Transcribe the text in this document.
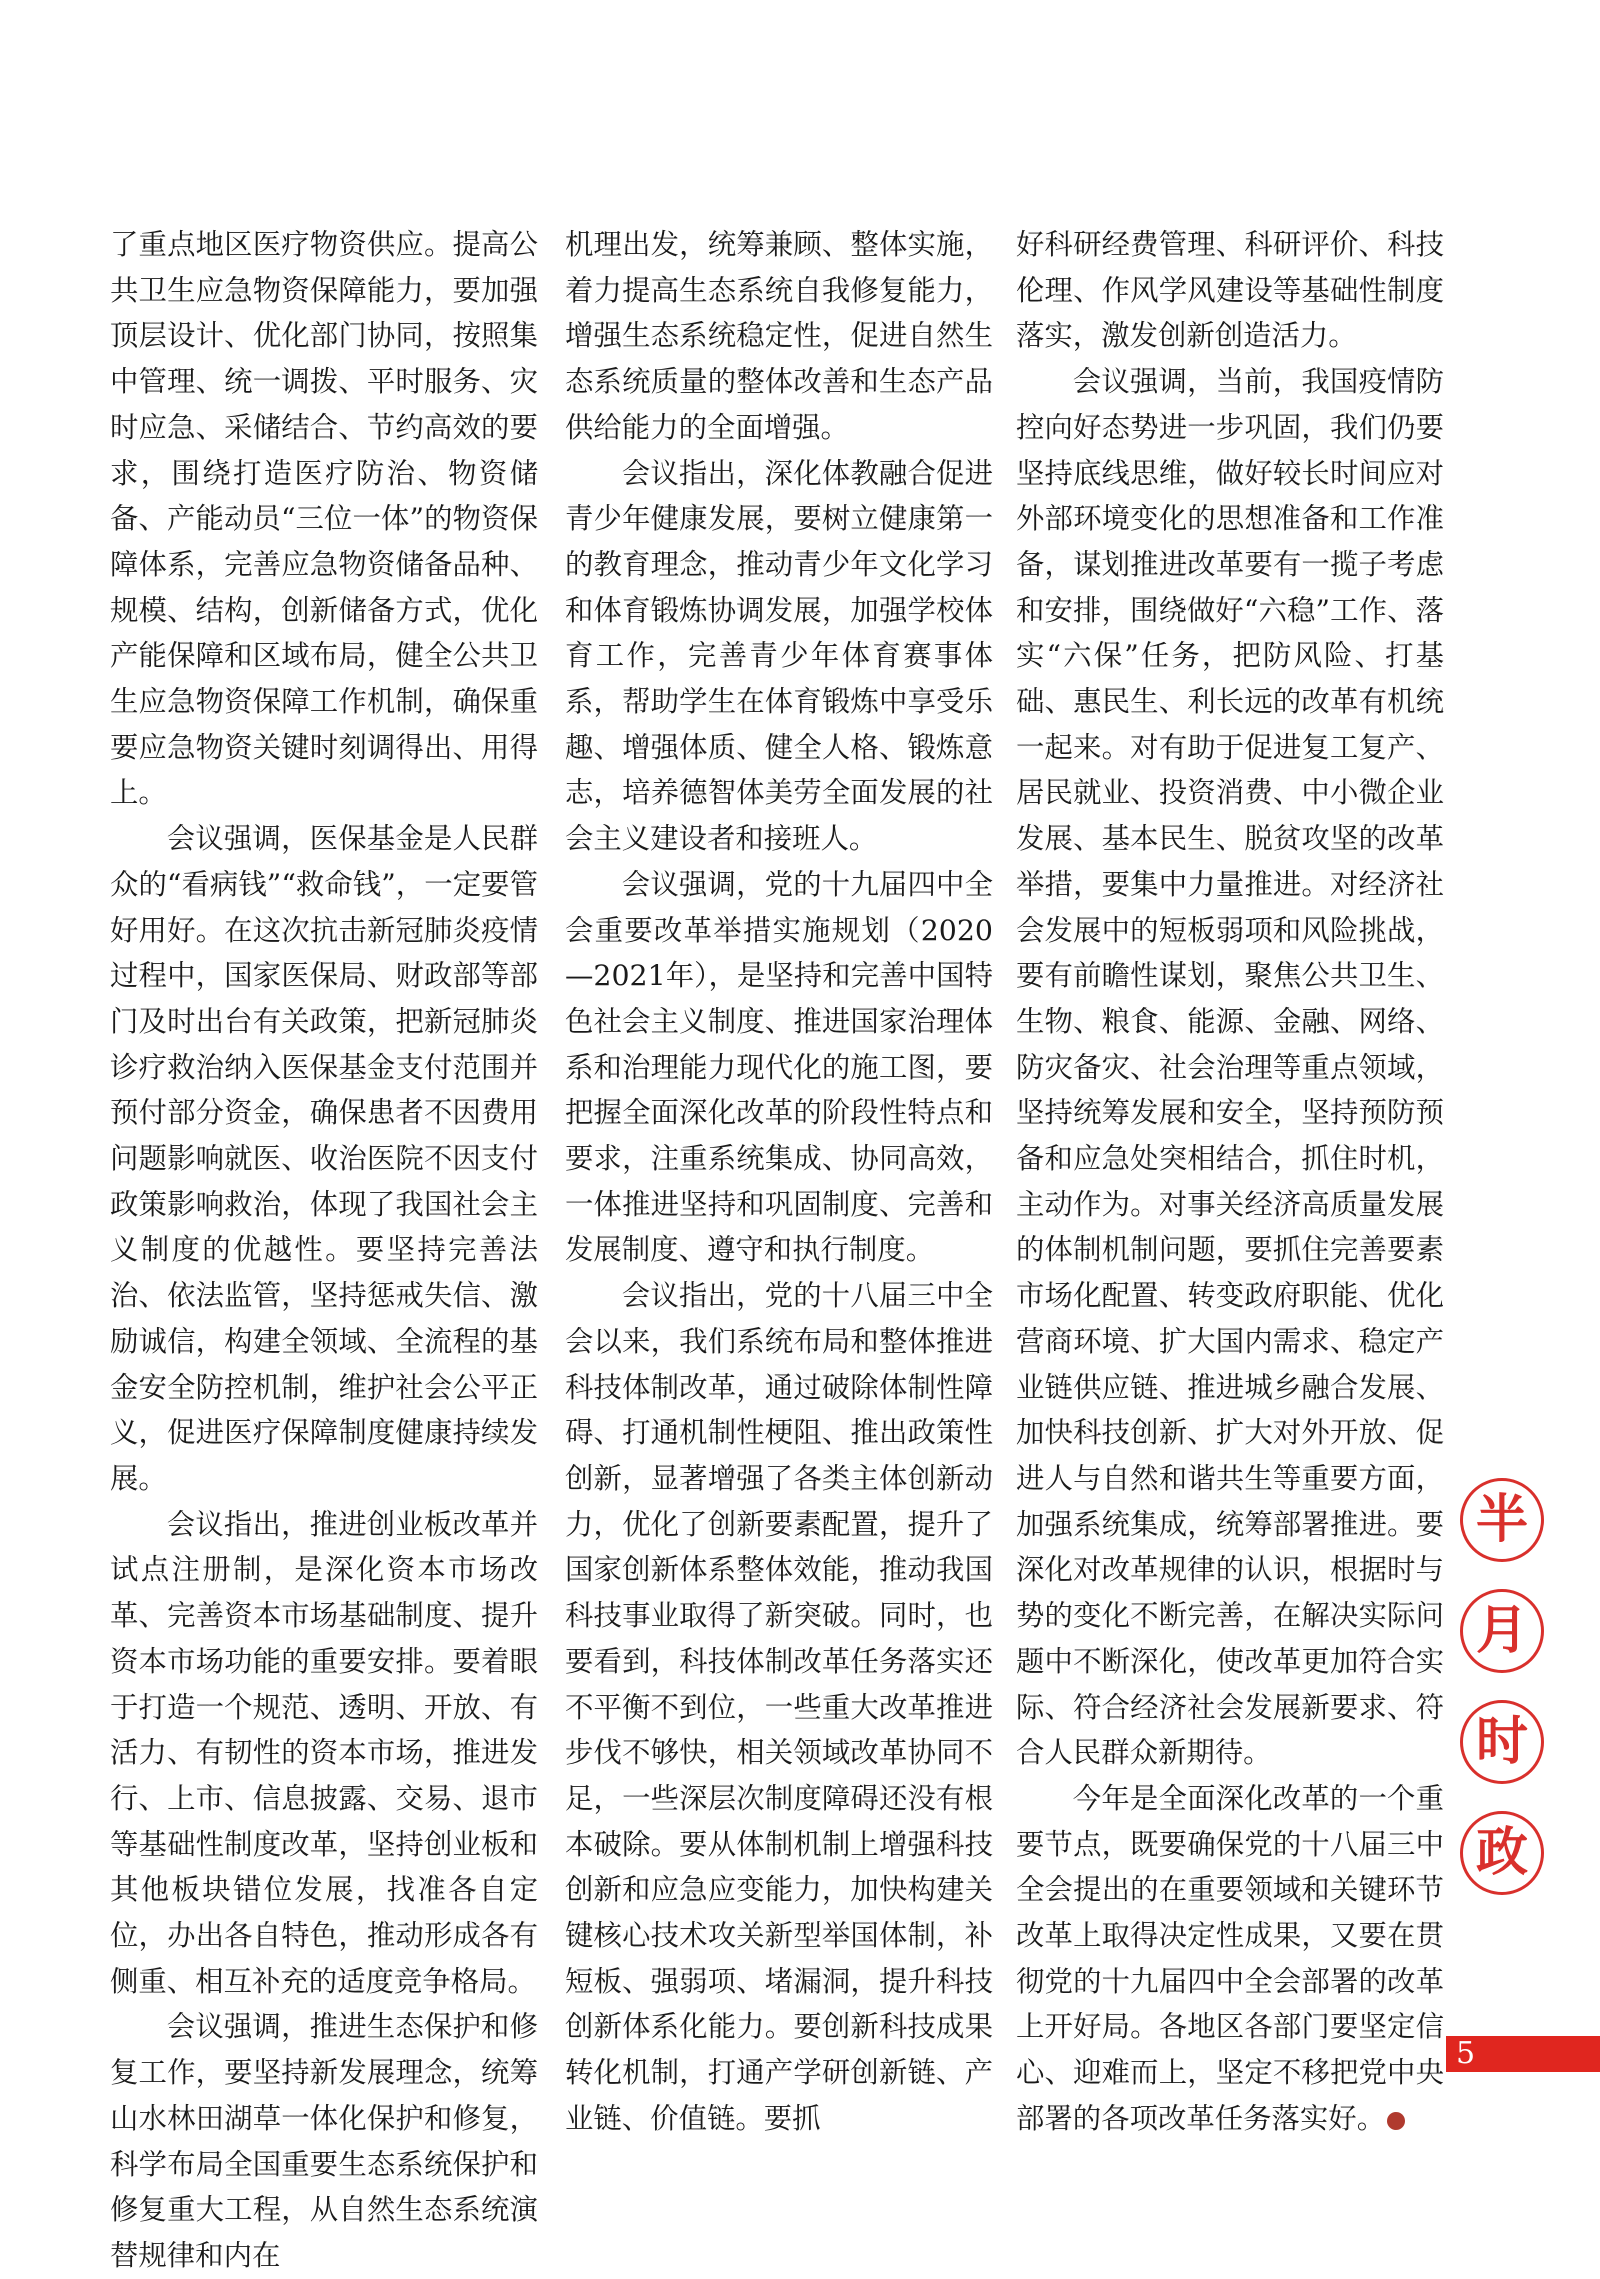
了重点地区医疗物资供应。提高公共卫生应急物资保障能力，要加强顶层设计、优化部门协同，按照集中管理、统一调拨、平时服务、灾时应急、采储结合、节约高效的要求，围绕打造医疗防治、物资储备、产能动员“三位一体”的物资保障体系，完善应急物资储备品种、规模、结构，创新储备方式，优化产能保障和区域布局，健全公共卫生应急物资保障工作机制，确保重要应急物资关键时刻调得出、用得上。

会议强调，医保基金是人民群众的“看病钱”“救命钱”，一定要管好用好。在这次抗击新冠肺炎疫情过程中，国家医保局、财政部等部门及时出台有关政策，把新冠肺炎诊疗救治纳入医保基金支付范围并预付部分资金，确保患者不因费用问题影响就医、收治医院不因支付政策影响救治，体现了我国社会主义制度的优越性。要坚持完善法治、依法监管，坚持惩戒失信、激励诚信，构建全领域、全流程的基金安全防控机制，维护社会公平正义，促进医疗保障制度健康持续发展。

会议指出，推进创业板改革并试点注册制，是深化资本市场改革、完善资本市场基础制度、提升资本市场功能的重要安排。要着眼于打造一个规范、透明、开放、有活力、有韧性的资本市场，推进发行、上市、信息披露、交易、退市等基础性制度改革，坚持创业板和其他板块错位发展，找准各自定位，办出各自特色，推动形成各有侧重、相互补充的适度竞争格局。

会议强调，推进生态保护和修复工作，要坚持新发展理念，统筹山水林田湖草一体化保护和修复，科学布局全国重要生态系统保护和修复重大工程，从自然生态系统演替规律和内在

机理出发，统筹兼顾、整体实施，着力提高生态系统自我修复能力，增强生态系统稳定性，促进自然生态系统质量的整体改善和生态产品供给能力的全面增强。

会议指出，深化体教融合促进青少年健康发展，要树立健康第一的教育理念，推动青少年文化学习和体育锻炼协调发展，加强学校体育工作，完善青少年体育赛事体系，帮助学生在体育锻炼中享受乐趣、增强体质、健全人格、锻炼意志，培养德智体美劳全面发展的社会主义建设者和接班人。

会议强调，党的十九届四中全会重要改革举措实施规划（2020—2021年），是坚持和完善中国特色社会主义制度、推进国家治理体系和治理能力现代化的施工图，要把握全面深化改革的阶段性特点和要求，注重系统集成、协同高效，一体推进坚持和巩固制度、完善和发展制度、遵守和执行制度。

会议指出，党的十八届三中全会以来，我们系统布局和整体推进科技体制改革，通过破除体制性障碍、打通机制性梗阻、推出政策性创新，显著增强了各类主体创新动力，优化了创新要素配置，提升了国家创新体系整体效能，推动我国科技事业取得了新突破。同时，也要看到，科技体制改革任务落实还不平衡不到位，一些重大改革推进步伐不够快，相关领域改革协同不足，一些深层次制度障碍还没有根本破除。要从体制机制上增强科技创新和应急应变能力，加快构建关键核心技术攻关新型举国体制，补短板、强弱项、堵漏洞，提升科技创新体系化能力。要创新科技成果转化机制，打通产学研创新链、产业链、价值链。要抓

好科研经费管理、科研评价、科技伦理、作风学风建设等基础性制度落实，激发创新创造活力。

会议强调，当前，我国疫情防控向好态势进一步巩固，我们仍要坚持底线思维，做好较长时间应对外部环境变化的思想准备和工作准备，谋划推进改革要有一揽子考虑和安排，围绕做好“六稳”工作、落实“六保”任务，把防风险、打基础、惠民生、利长远的改革有机统一起来。对有助于促进复工复产、居民就业、投资消费、中小微企业发展、基本民生、脱贫攻坚的改革举措，要集中力量推进。对经济社会发展中的短板弱项和风险挑战，要有前瞻性谋划，聚焦公共卫生、生物、粮食、能源、金融、网络、防灾备灾、社会治理等重点领域，坚持统筹发展和安全，坚持预防预备和应急处突相结合，抓住时机，主动作为。对事关经济高质量发展的体制机制问题，要抓住完善要素市场化配置、转变政府职能、优化营商环境、扩大国内需求、稳定产业链供应链、推进城乡融合发展、加快科技创新、扩大对外开放、促进人与自然和谐共生等重要方面，加强系统集成，统筹部署推进。要深化对改革规律的认识，根据时与势的变化不断完善，在解决实际问题中不断深化，使改革更加符合实际、符合经济社会发展新要求、符合人民群众新期待。

今年是全面深化改革的一个重要节点，既要确保党的十八届三中全会提出的在重要领域和关键环节改革上取得决定性成果，又要在贯彻党的十九届四中全会部署的改革上开好局。各地区各部门要坚定信心、迎难而上，坚定不移把党中央部署的各项改革任务落实好。

半
月
时
政
5
